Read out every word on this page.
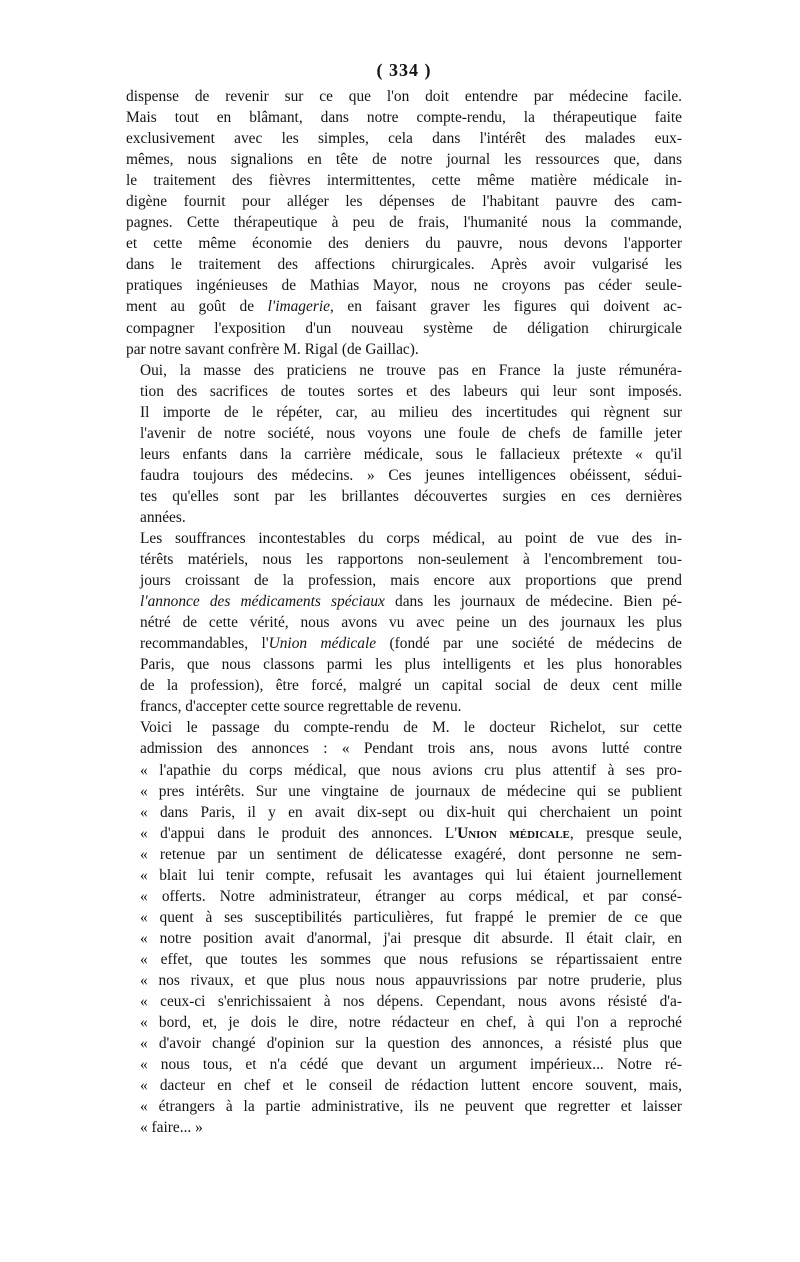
( 334 )

dispense de revenir sur ce que l'on doit entendre par médecine facile.
Mais tout en blâmant, dans notre compte-rendu, la thérapeutique faite
exclusivement avec les simples, cela dans l'intérêt des malades eux-
mêmes, nous signalions en tête de notre journal les ressources que, dans
le traitement des fièvres intermittentes, cette même matière médicale in-
digène fournit pour alléger les dépenses de l'habitant pauvre des cam-
pagnes. Cette thérapeutique à peu de frais, l'humanité nous la commande,
et cette même économie des deniers du pauvre, nous devons l'apporter
dans le traitement des affections chirurgicales. Après avoir vulgarisé les
pratiques ingénieuses de Mathias Mayor, nous ne croyons pas céder seule-
ment au goût de l'imagerie, en faisant graver les figures qui doivent ac-
compagner l'exposition d'un nouveau système de déligation chirurgicale
par notre savant confrère M. Rigal (de Gaillac).

Oui, la masse des praticiens ne trouve pas en France la juste rémunéra-
tion des sacrifices de toutes sortes et des labeurs qui leur sont imposés.
Il importe de le répéter, car, au milieu des incertitudes qui règnent sur
l'avenir de notre société, nous voyons une foule de chefs de famille jeter
leurs enfants dans la carrière médicale, sous le fallacieux prétexte « qu'il
faudra toujours des médecins. » Ces jeunes intelligences obéissent, sédui-
tes qu'elles sont par les brillantes découvertes surgies en ces dernières
années.

Les souffrances incontestables du corps médical, au point de vue des in-
térêts matériels, nous les rapportons non-seulement à l'encombrement tou-
jours croissant de la profession, mais encore aux proportions que prend
l'annonce des médicaments spéciaux dans les journaux de médecine. Bien pé-
nétré de cette vérité, nous avons vu avec peine un des journaux les plus
recommandables, l'Union médicale (fondé par une société de médecins de
Paris, que nous classons parmi les plus intelligents et les plus honorables
de la profession), être forcé, malgré un capital social de deux cent mille
francs, d'accepter cette source regrettable de revenu.

Voici le passage du compte-rendu de M. le docteur Richelot, sur cette
admission des annonces : « Pendant trois ans, nous avons lutté contre
« l'apathie du corps médical, que nous avions cru plus attentif à ses pro-
« pres intérêts. Sur une vingtaine de journaux de médecine qui se publient
« dans Paris, il y en avait dix-sept ou dix-huit qui cherchaient un point
« d'appui dans le produit des annonces. L'Union médicale, presque seule,
« retenue par un sentiment de délicatesse exagéré, dont personne ne sem-
« blait lui tenir compte, refusait les avantages qui lui étaient journellement
« offerts. Notre administrateur, étranger au corps médical, et par consé-
« quent à ses susceptibilités particulières, fut frappé le premier de ce que
« notre position avait d'anormal, j'ai presque dit absurde. Il était clair, en
« effet, que toutes les sommes que nous refusions se répartissaient entre
« nos rivaux, et que plus nous nous appauvrissions par notre pruderie, plus
« ceux-ci s'enrichissaient à nos dépens. Cependant, nous avons résisté d'a-
« bord, et, je dois le dire, notre rédacteur en chef, à qui l'on a reproché
« d'avoir changé d'opinion sur la question des annonces, a résisté plus que
« nous tous, et n'a cédé que devant un argument impérieux... Notre ré-
« dacteur en chef et le conseil de rédaction luttent encore souvent, mais,
« étrangers à la partie administrative, ils ne peuvent que regretter et laisser
« faire... »
